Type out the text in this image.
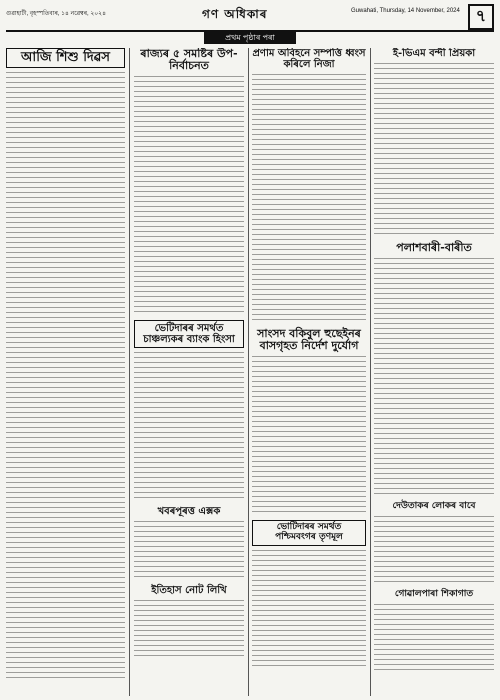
গুৱাহাটী, বৃহস্পতিবাৰ, ১৪ নৱেম্বৰ, ২০২৪	গণ অধিকাৰ	Guwahati, Thursday, 14 November, 2024 ৭
প্ৰথম পৃষ্ঠাৰ পৰা
আজি শিশু দিৱস	ৰাজ্যৰ ৫ সমষ্টিৰ উপ-নিৰ্বাচনত
ভেটিদাৰৰ সমৰ্থত চাঞ্চল্যকৰ ব্যাংক হিংসা
খবৰপূৰত্ত এক্সক
ইতিহাস নোট লিখি
প্ৰণাম অবিহনে সম্পত্তি ধ্বংস কৰিলে নিজা
সাংসদ বকিবুল হুছেইনৰ বাসগৃহত নিৰ্দেশ দুৰ্যোগ
ভোটিদাৰৰ সমৰ্থত পশ্চিমবংগৰ তৃণমূল
ই-ভিএম বন্দী প্ৰিয়কা
পলাশবাৰী-বাৰীত
দেউতাকৰ লোকৰ বাবে
গোৱালপাৰা শিকাগাত
